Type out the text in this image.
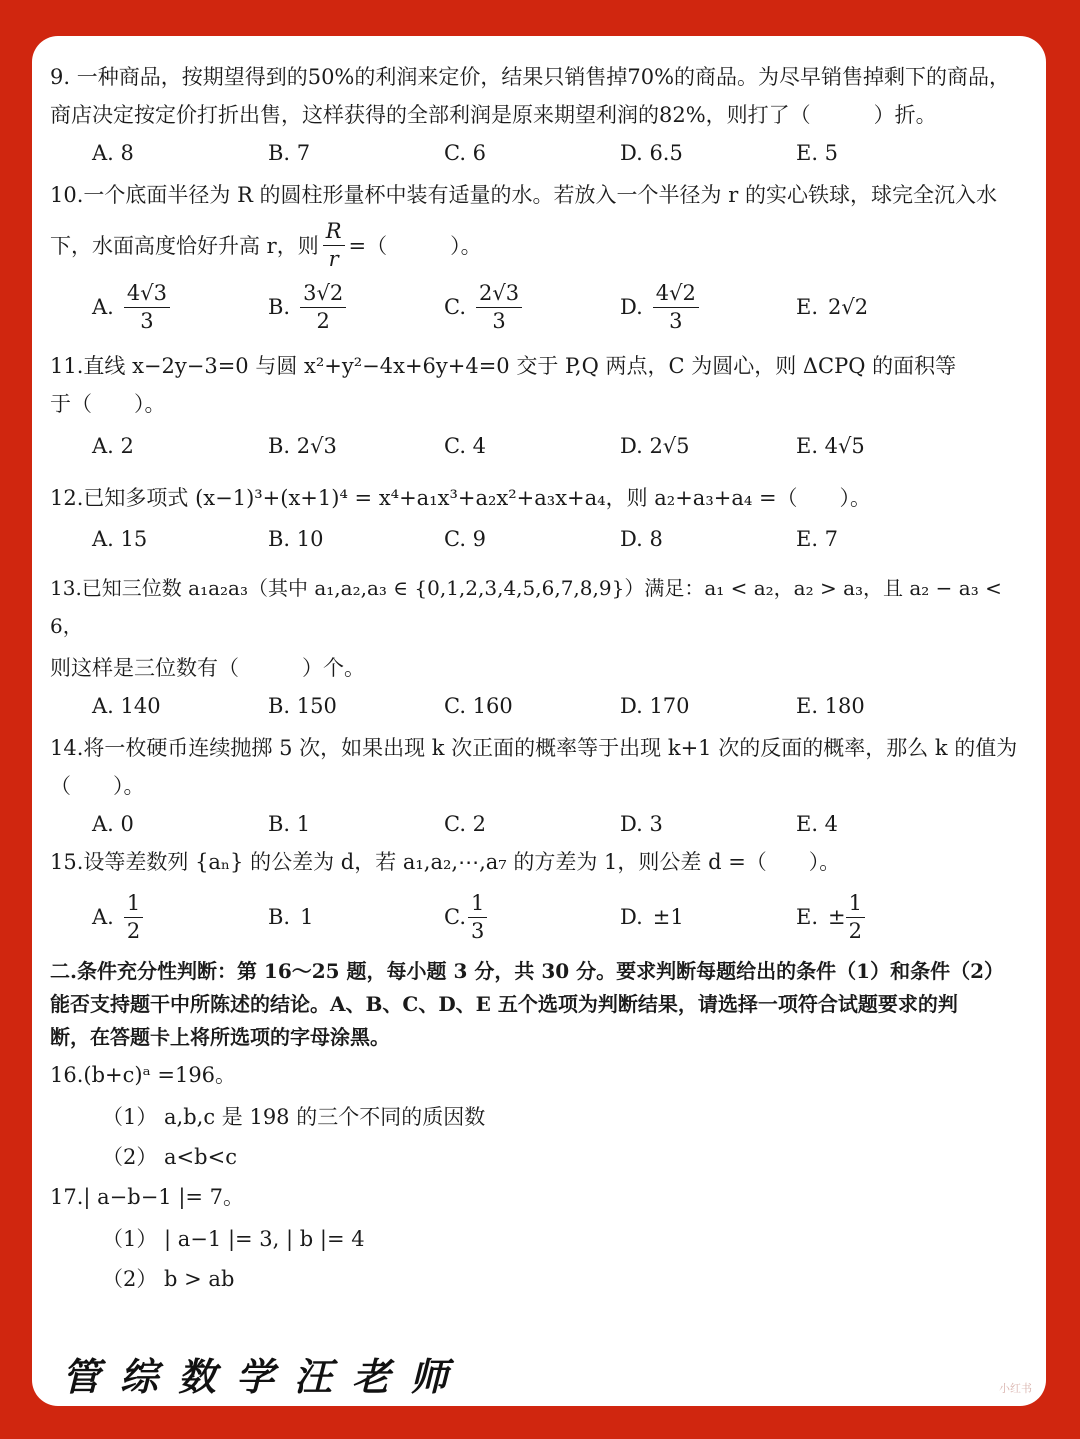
9. 一种商品，按期望得到的50%的利润来定价，结果只销售掉70%的商品。为尽早销售掉剩下的商品，

商店决定按定价打折出售，这样获得的全部利润是原来期望利润的82%，则打了（　　　）折。

A. 8	B. 7	C. 6	D. 6.5	E. 5

10.一个底面半径为 R 的圆柱形量杯中装有适量的水。若放入一个半径为 r 的实心铁球，球完全沉入水

下，水面高度恰好升高 r，则 $\frac{R}{r}$ =（　　　）。

A. $\frac{4√3}{3}$	B. $\frac{3√2}{2}$	C. $\frac{2√3}{3}$	D. $\frac{4√2}{3}$	E. 2√2

11.直线 x−2y−3=0 与圆 x²+y²−4x+6y+4=0 交于 P,Q 两点，C 为圆心，则 ΔCPQ 的面积等

于（　　）。

A. 2	B. 2√3	C. 4	D. 2√5	E. 4√5

12.已知多项式 (x−1)³+(x+1)⁴ = x⁴+a₁x³+a₂x²+a₃x+a₄，则 a₂+a₃+a₄ =（　　）。

A. 15	B. 10	C. 9	D. 8	E. 7

13.已知三位数 a₁a₂a₃（其中 a₁,a₂,a₃ ∈ {0,1,2,3,4,5,6,7,8,9}）满足：a₁ < a₂，a₂ > a₃，且 a₂ − a₃ < 6，

则这样是三位数有（　　　）个。

A. 140	B. 150	C. 160	D. 170	E. 180

14.将一枚硬币连续抛掷 5 次，如果出现 k 次正面的概率等于出现 k+1 次的反面的概率，那么 k 的值为

（　　）。

A. 0	B. 1	C. 2	D. 3	E. 4

15.设等差数列 {aₙ} 的公差为 d，若 a₁,a₂,⋯,a₇ 的方差为 1，则公差 d =（　　）。

A. $\frac{1}{2}$	B. 1	C. $\frac{1}{3}$	D. ±1	E. ± $\frac{1}{2}$

二.条件充分性判断：第 16～25 题，每小题 3 分，共 30 分。要求判断每题给出的条件（1）和条件（2）

能否支持题干中所陈述的结论。A、B、C、D、E 五个选项为判断结果，请选择一项符合试题要求的判

断，在答题卡上将所选项的字母涂黑。

16.(b+c)ᵃ =196。

（1） a,b,c 是 198 的三个不同的质因数

（2） a<b<c

17.| a−b−1 |= 7。

（1） | a−1 |= 3, | b |= 4

（2） b > ab

管综数学汪老师	小红书
